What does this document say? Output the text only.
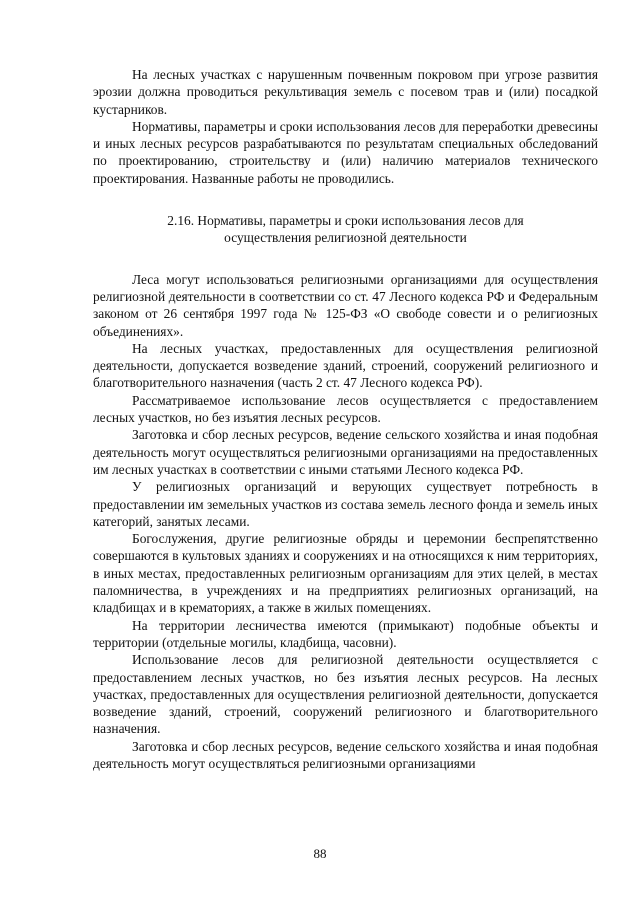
На лесных участках с нарушенным почвенным покровом при угрозе развития эрозии должна проводиться рекультивация земель с посевом трав и (или) посадкой кустарников.

Нормативы, параметры и сроки использования лесов для переработки древесины и иных лесных ресурсов разрабатываются по результатам специальных обследований по проектированию, строительству и (или) наличию материалов технического проектирования. Названные работы не проводились.

2.16. Нормативы, параметры и сроки использования лесов для осуществления религиозной деятельности

Леса могут использоваться религиозными организациями для осуществления религиозной деятельности в соответствии со ст. 47 Лесного кодекса РФ и Федеральным законом от 26 сентября 1997 года № 125-ФЗ «О свободе совести и о религиозных объединениях».

На лесных участках, предоставленных для осуществления религиозной деятельности, допускается возведение зданий, строений, сооружений религиозного и благотворительного назначения (часть 2 ст. 47 Лесного кодекса РФ).

Рассматриваемое использование лесов осуществляется с предоставлением лесных участков, но без изъятия лесных ресурсов.

Заготовка и сбор лесных ресурсов, ведение сельского хозяйства и иная подобная деятельность могут осуществляться религиозными организациями на предоставленных им лесных участках в соответствии с иными статьями Лесного кодекса РФ.

У религиозных организаций и верующих существует потребность в предоставлении им земельных участков из состава земель лесного фонда и земель иных категорий, занятых лесами.

Богослужения, другие религиозные обряды и церемонии беспрепятственно совершаются в культовых зданиях и сооружениях и на относящихся к ним территориях, в иных местах, предоставленных религиозным организациям для этих целей, в местах паломничества, в учреждениях и на предприятиях религиозных организаций, на кладбищах и в крематориях, а также в жилых помещениях.

На территории лесничества имеются (примыкают) подобные объекты и территории (отдельные могилы, кладбища, часовни).

Использование лесов для религиозной деятельности осуществляется с предоставлением лесных участков, но без изъятия лесных ресурсов. На лесных участках, предоставленных для осуществления религиозной деятельности, допускается возведение зданий, строений, сооружений религиозного и благотворительного назначения.

Заготовка и сбор лесных ресурсов, ведение сельского хозяйства и иная подобная деятельность могут осуществляться религиозными организациями

88
